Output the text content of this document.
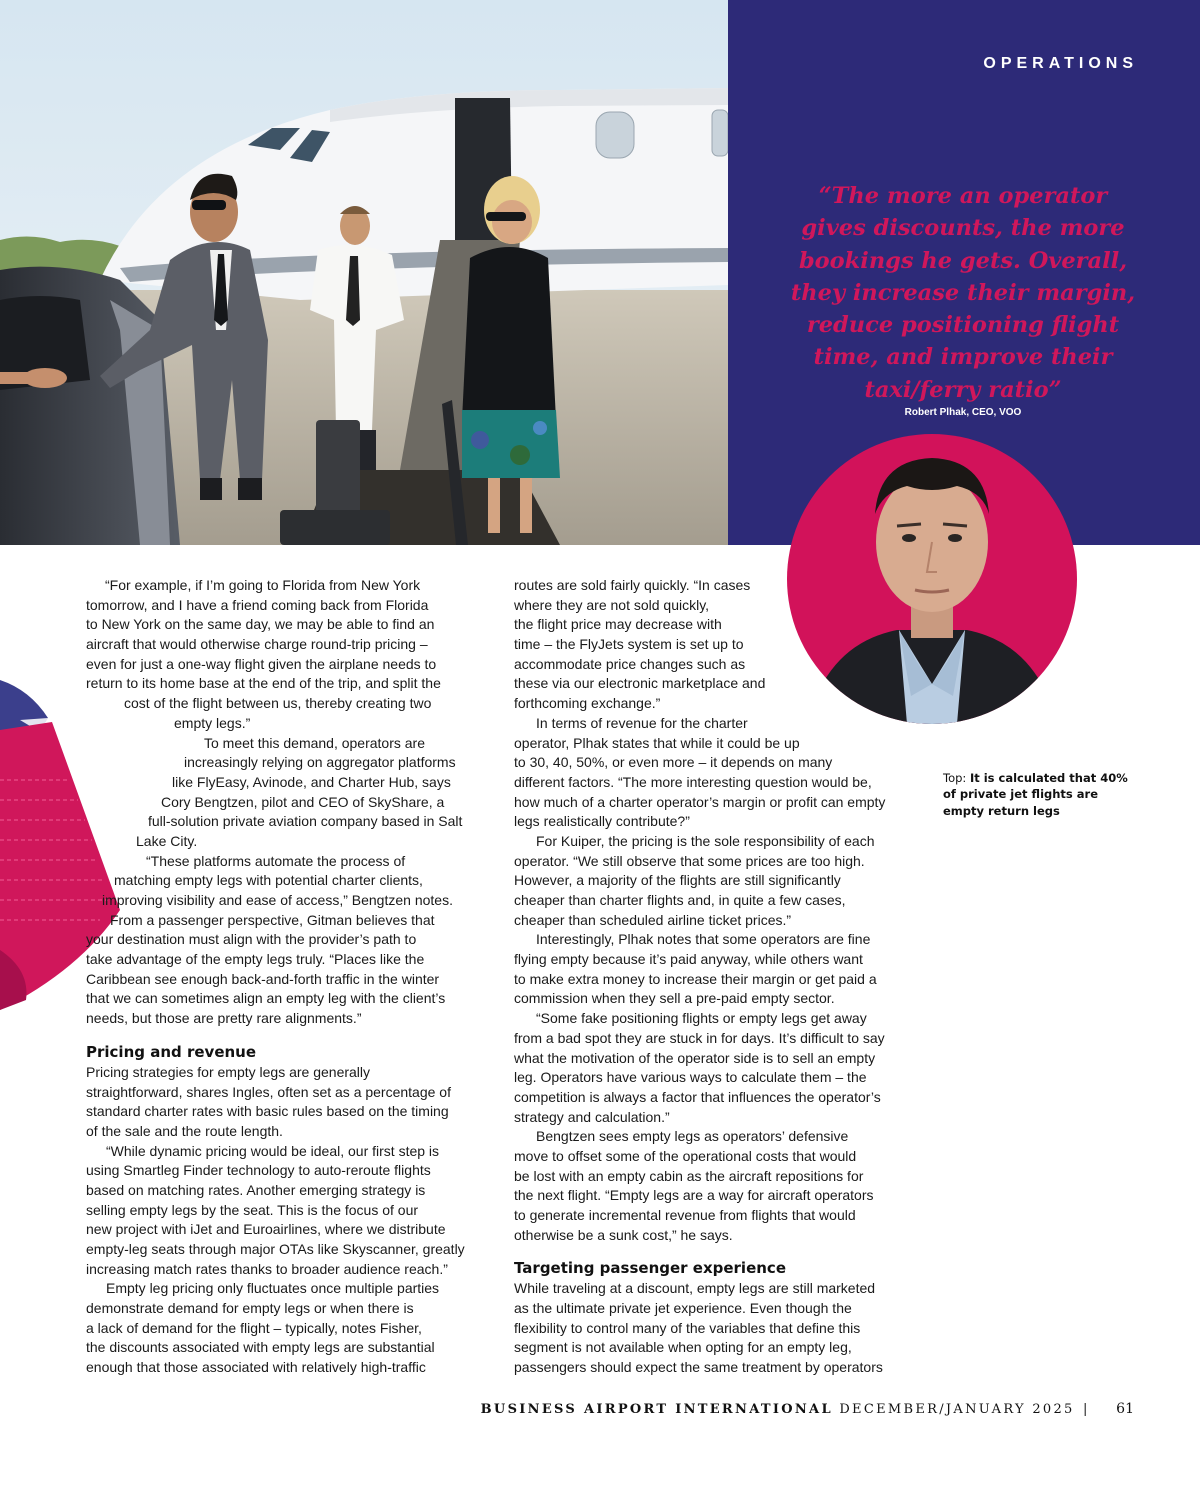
OPERATIONS

“The more an operator
gives discounts, the more
bookings he gets. Overall,
they increase their margin,
reduce positioning flight
time, and improve their
taxi/ferry ratio”

Robert Plhak, CEO, VOO
Top: It is calculated that 40% of private jet flights are empty return legs
“For example, if I’m going to Florida from New York
tomorrow, and I have a friend coming back from Florida
to New York on the same day, we may be able to find an
aircraft that would otherwise charge round-trip pricing –
even for just a one-way flight given the airplane needs to
return to its home base at the end of the trip, and split the
cost of the flight between us, thereby creating two
empty legs.”
To meet this demand, operators are
increasingly relying on aggregator platforms
like FlyEasy, Avinode, and Charter Hub, says
Cory Bengtzen, pilot and CEO of SkyShare, a
full-solution private aviation company based in Salt
Lake City.
“These platforms automate the process of
matching empty legs with potential charter clients,
improving visibility and ease of access,” Bengtzen notes.
From a passenger perspective, Gitman believes that
your destination must align with the provider’s path to
take advantage of the empty legs truly. “Places like the
Caribbean see enough back-and-forth traffic in the winter
that we can sometimes align an empty leg with the client’s
needs, but those are pretty rare alignments.”
Pricing and revenue
Pricing strategies for empty legs are generally
straightforward, shares Ingles, often set as a percentage of
standard charter rates with basic rules based on the timing
of the sale and the route length.
“While dynamic pricing would be ideal, our first step is
using Smartleg Finder technology to auto-reroute flights
based on matching rates. Another emerging strategy is
selling empty legs by the seat. This is the focus of our
new project with iJet and Euroairlines, where we distribute
empty-leg seats through major OTAs like Skyscanner, greatly
increasing match rates thanks to broader audience reach.”
Empty leg pricing only fluctuates once multiple parties
demonstrate demand for empty legs or when there is
a lack of demand for the flight – typically, notes Fisher,
the discounts associated with empty legs are substantial
enough that those associated with relatively high-traffic
routes are sold fairly quickly. “In cases
where they are not sold quickly,
the flight price may decrease with
time – the FlyJets system is set up to
accommodate price changes such as
these via our electronic marketplace and
forthcoming exchange.”
In terms of revenue for the charter
operator, Plhak states that while it could be up
to 30, 40, 50%, or even more – it depends on many
different factors. “The more interesting question would be,
how much of a charter operator’s margin or profit can empty
legs realistically contribute?”
For Kuiper, the pricing is the sole responsibility of each
operator. “We still observe that some prices are too high.
However, a majority of the flights are still significantly
cheaper than charter flights and, in quite a few cases,
cheaper than scheduled airline ticket prices.”
Interestingly, Plhak notes that some operators are fine
flying empty because it’s paid anyway, while others want
to make extra money to increase their margin or get paid a
commission when they sell a pre-paid empty sector.
“Some fake positioning flights or empty legs get away
from a bad spot they are stuck in for days. It’s difficult to say
what the motivation of the operator side is to sell an empty
leg. Operators have various ways to calculate them – the
competition is always a factor that influences the operator’s
strategy and calculation.”
Bengtzen sees empty legs as operators’ defensive
move to offset some of the operational costs that would
be lost with an empty cabin as the aircraft repositions for
the next flight. “Empty legs are a way for aircraft operators
to generate incremental revenue from flights that would
otherwise be a sunk cost,” he says.
Targeting passenger experience
While traveling at a discount, empty legs are still marketed
as the ultimate private jet experience. Even though the
flexibility to control many of the variables that define this
segment is not available when opting for an empty leg,
passengers should expect the same treatment by operators
BUSINESS AIRPORT INTERNATIONAL DECEMBER/JANUARY 2025 | 61
